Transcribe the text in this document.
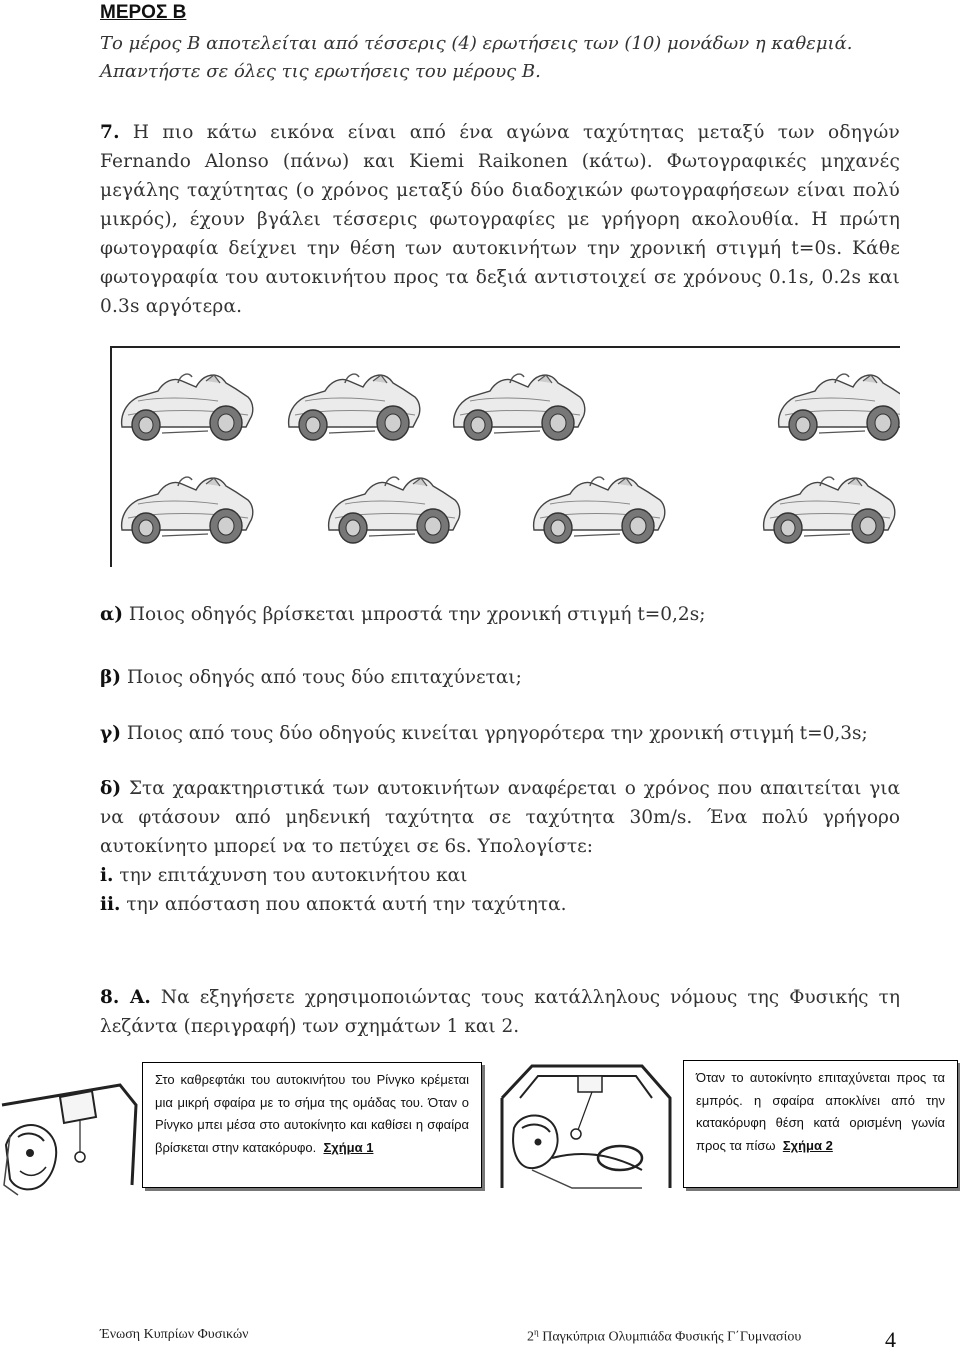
ΜΕΡΟΣ Β
Το μέρος Β αποτελείται από τέσσερις (4) ερωτήσεις των (10) μονάδων η καθεμιά.
Απαντήστε σε όλες τις ερωτήσεις του μέρους Β.
7. Η πιο κάτω εικόνα είναι από ένα αγώνα ταχύτητας μεταξύ των οδηγών Fernando Alonso (πάνω) και Kiemi Raikonen (κάτω). Φωτογραφικές μηχανές μεγάλης ταχύτητας (ο χρόνος μεταξύ δύο διαδοχικών φωτογραφήσεων είναι πολύ μικρός), έχουν βγάλει τέσσερις φωτογραφίες με γρήγορη ακολουθία. Η πρώτη φωτογραφία δείχνει την θέση των αυτοκινήτων την χρονική στιγμή t=0s. Κάθε φωτογραφία του αυτοκινήτου προς τα δεξιά αντιστοιχεί σε χρόνους 0.1s, 0.2s και 0.3s αργότερα.
α) Ποιος οδηγός βρίσκεται μπροστά την χρονική στιγμή t=0,2s;
β) Ποιος οδηγός από τους δύο επιταχύνεται;
γ) Ποιος από τους δύο οδηγούς κινείται γρηγορότερα την χρονική στιγμή t=0,3s;
δ) Στα χαρακτηριστικά των αυτοκινήτων αναφέρεται ο χρόνος που απαιτείται για να φτάσουν από μηδενική ταχύτητα σε ταχύτητα 30m/s. Ένα πολύ γρήγορο αυτοκίνητο μπορεί να το πετύχει σε 6s. Υπολογίστε:
i. την επιτάχυνση του αυτοκινήτου και
ii. την απόσταση που αποκτά αυτή την ταχύτητα.
8. Α. Να εξηγήσετε χρησιμοποιώντας τους κατάλληλους νόμους της Φυσικής τη λεζάντα (περιγραφή) των σχημάτων 1 και 2.
Στο καθρεφτάκι του αυτοκινήτου του Ρίνγκο κρέμεται μια μικρή σφαίρα με το σήμα της ομάδας του. Όταν ο Ρίνγκο μπει μέσα στο αυτοκίνητο και καθίσει η σφαίρα βρίσκεται στην κατακόρυφο. Σχήμα 1
Όταν το αυτοκίνητο επιταχύνεται προς τα εμπρός. η σφαίρα αποκλίνει από την κατακόρυφη θέση κατά ορισμένη γωνία προς τα πίσω Σχήμα 2
Ένωση Κυπρίων Φυσικών	$2^\eta$ Παγκύπρια Ολυμπιάδα Φυσικής Γ΄Γυμνασίου	4
